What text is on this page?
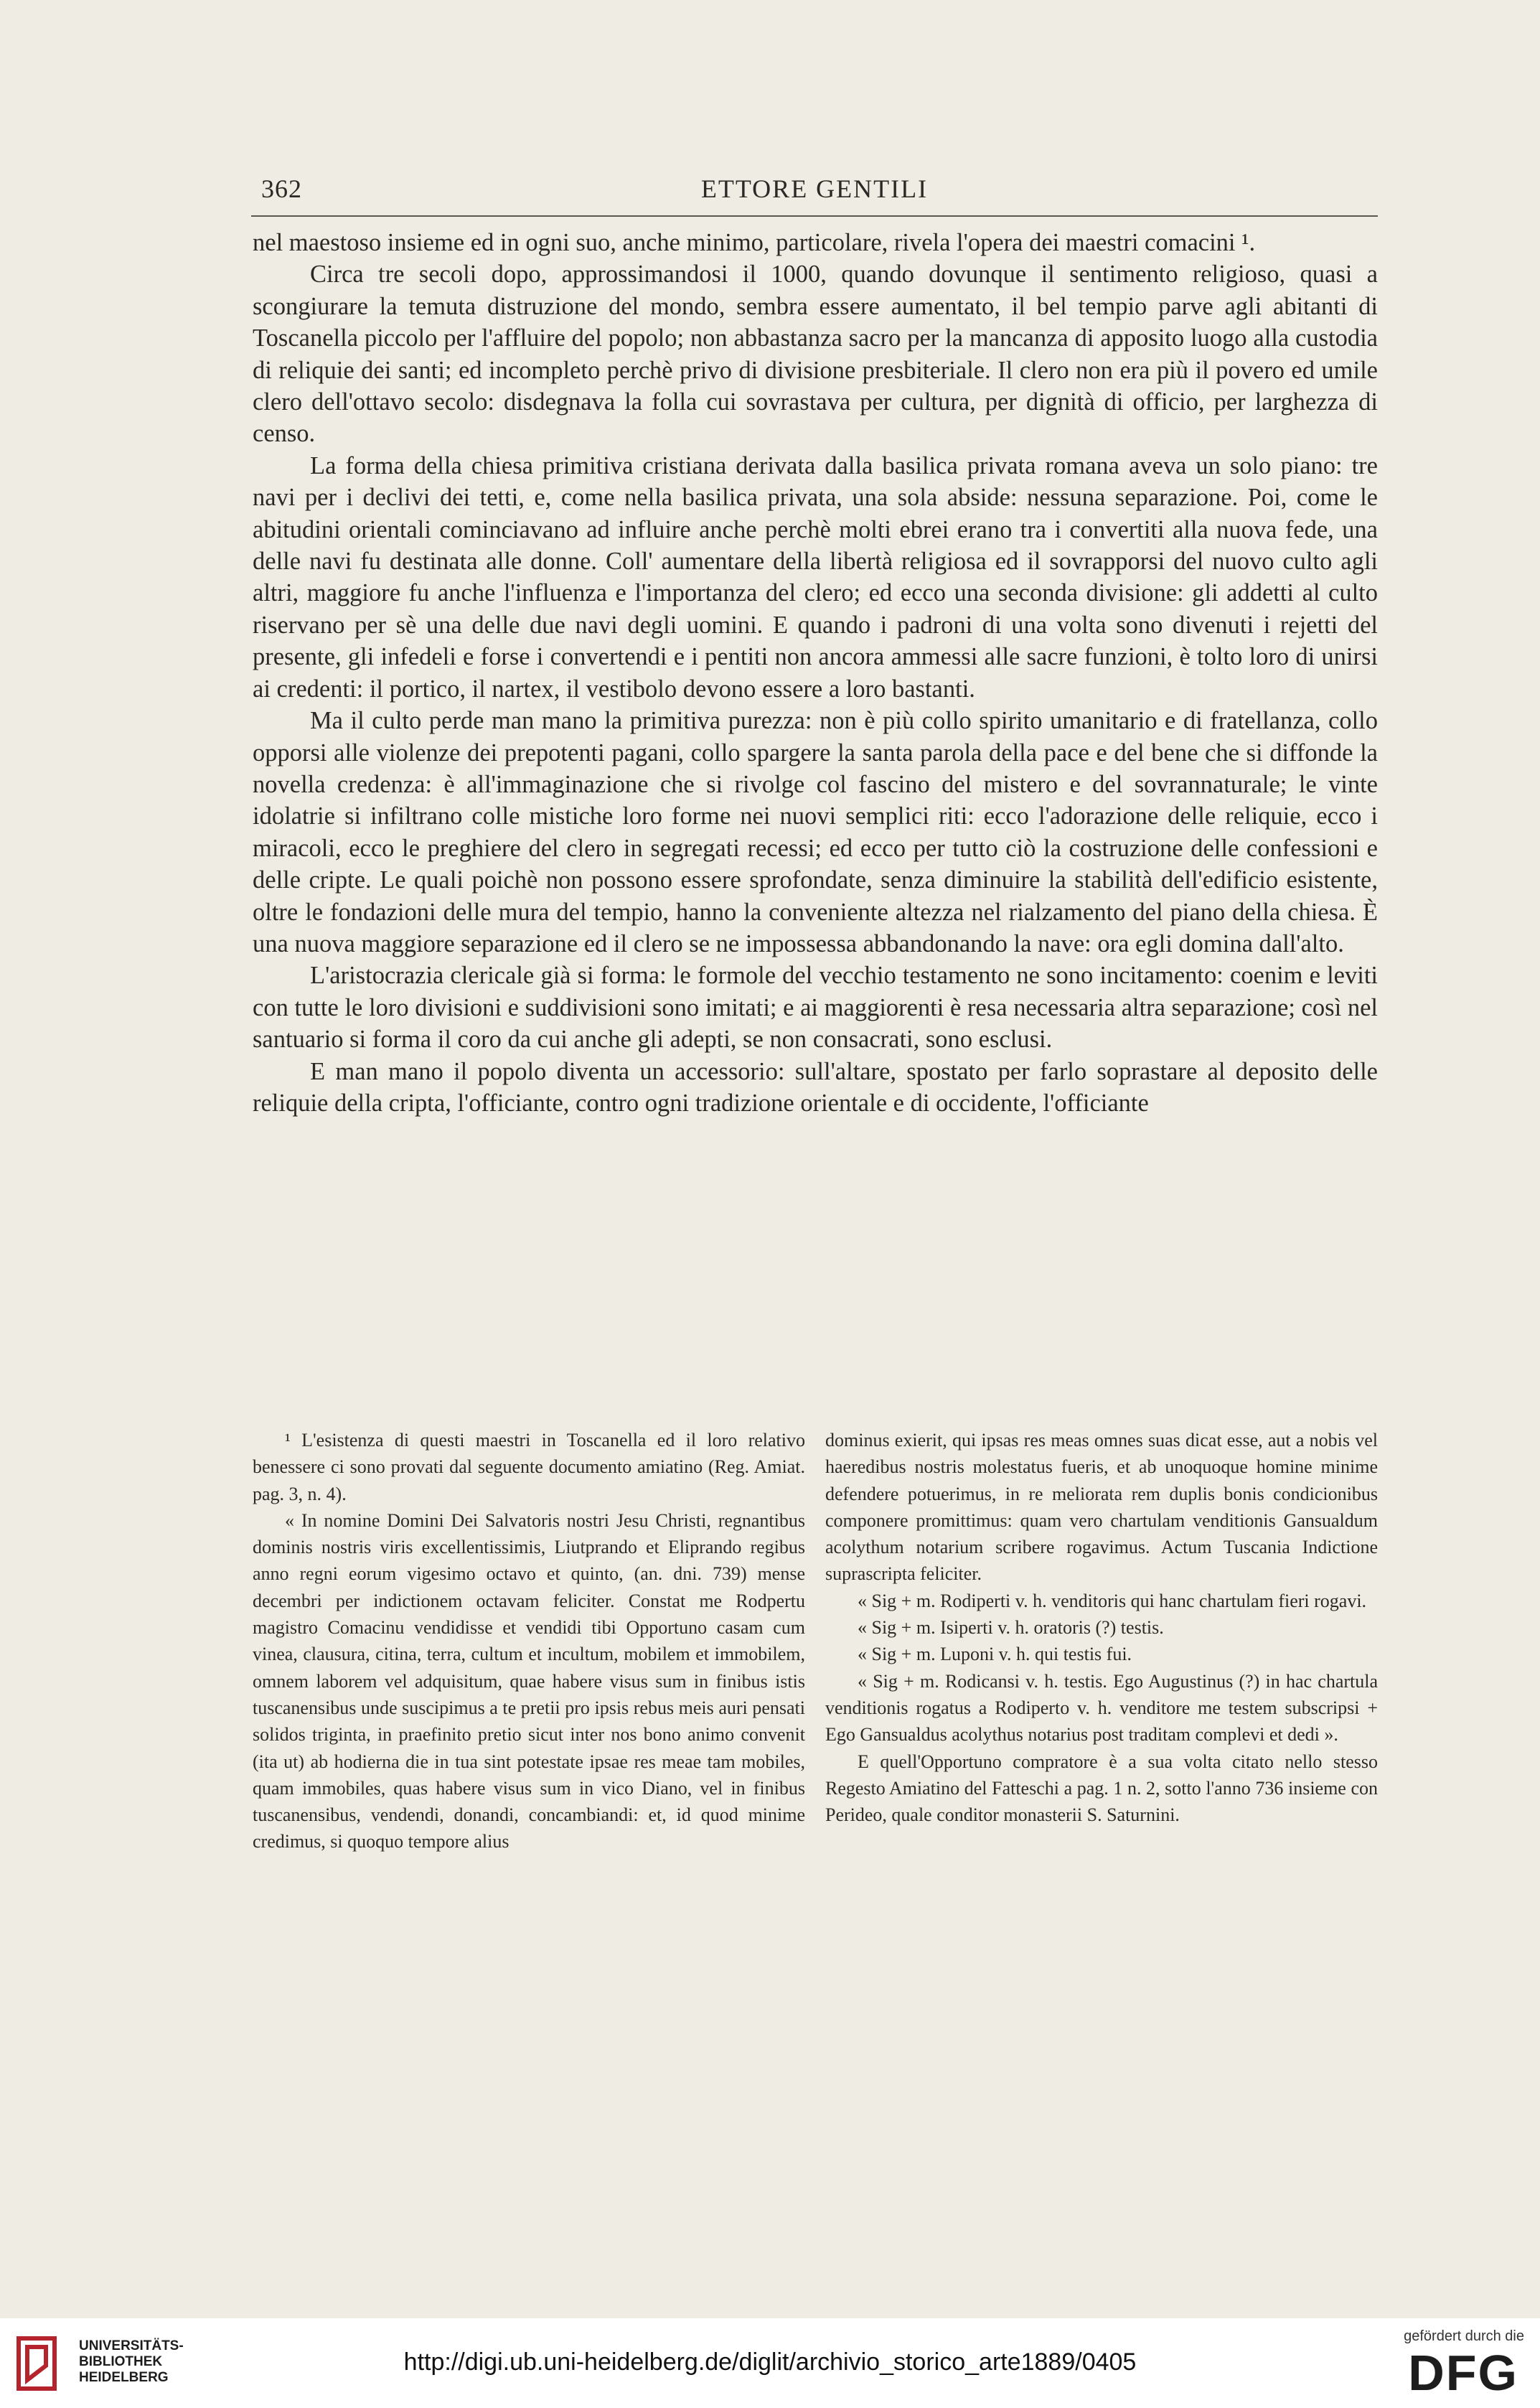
362	ETTORE GENTILI

nel maestoso insieme ed in ogni suo, anche minimo, particolare, rivela l'opera dei maestri comacini ¹.

Circa tre secoli dopo, approssimandosi il 1000, quando dovunque il sentimento religioso, quasi a scongiurare la temuta distruzione del mondo, sembra essere aumentato, il bel tempio parve agli abitanti di Toscanella piccolo per l'affluire del popolo; non abbastanza sacro per la mancanza di apposito luogo alla custodia di reliquie dei santi; ed incompleto perchè privo di divisione presbiteriale. Il clero non era più il povero ed umile clero dell'ottavo secolo: disdegnava la folla cui sovrastava per cultura, per dignità di officio, per larghezza di censo.

La forma della chiesa primitiva cristiana derivata dalla basilica privata romana aveva un solo piano: tre navi per i declivi dei tetti, e, come nella basilica privata, una sola abside: nessuna separazione. Poi, come le abitudini orientali cominciavano ad influire anche perchè molti ebrei erano tra i convertiti alla nuova fede, una delle navi fu destinata alle donne. Coll' aumentare della libertà religiosa ed il sovrapporsi del nuovo culto agli altri, maggiore fu anche l'influenza e l'importanza del clero; ed ecco una seconda divisione: gli addetti al culto riservano per sè una delle due navi degli uomini. E quando i padroni di una volta sono divenuti i rejetti del presente, gli infedeli e forse i convertendi e i pentiti non ancora ammessi alle sacre funzioni, è tolto loro di unirsi ai credenti: il portico, il nartex, il vestibolo devono essere a loro bastanti.

Ma il culto perde man mano la primitiva purezza: non è più collo spirito umanitario e di fratellanza, collo opporsi alle violenze dei prepotenti pagani, collo spargere la santa parola della pace e del bene che si diffonde la novella credenza: è all'immaginazione che si rivolge col fascino del mistero e del sovrannaturale; le vinte idolatrie si infiltrano colle mistiche loro forme nei nuovi semplici riti: ecco l'adorazione delle reliquie, ecco i miracoli, ecco le preghiere del clero in segregati recessi; ed ecco per tutto ciò la costruzione delle confessioni e delle cripte. Le quali poichè non possono essere sprofondate, senza diminuire la stabilità dell'edificio esistente, oltre le fondazioni delle mura del tempio, hanno la conveniente altezza nel rialzamento del piano della chiesa. È una nuova maggiore separazione ed il clero se ne impossessa abbandonando la nave: ora egli domina dall'alto.

L'aristocrazia clericale già si forma: le formole del vecchio testamento ne sono incitamento: coenim e leviti con tutte le loro divisioni e suddivisioni sono imitati; e ai maggiorenti è resa necessaria altra separazione; così nel santuario si forma il coro da cui anche gli adepti, se non consacrati, sono esclusi.

E man mano il popolo diventa un accessorio: sull'altare, spostato per farlo soprastare al deposito delle reliquie della cripta, l'officiante, contro ogni tradizione orientale e di occidente, l'officiante

¹ L'esistenza di questi maestri in Toscanella ed il loro relativo benessere ci sono provati dal seguente documento amiatino (Reg. Amiat. pag. 3, n. 4).

« In nomine Domini Dei Salvatoris nostri Jesu Christi, regnantibus dominis nostris viris excellentissimis, Liutprando et Eliprando regibus anno regni eorum vigesimo octavo et quinto, (an. dni. 739) mense decembri per indictionem octavam feliciter. Constat me Rodpertu magistro Comacinu vendidisse et vendidi tibi Opportuno casam cum vinea, clausura, citina, terra, cultum et incultum, mobilem et immobilem, omnem laborem vel adquisitum, quae habere visus sum in finibus istis tuscanensibus unde suscipimus a te pretii pro ipsis rebus meis auri pensati solidos triginta, in praefinito pretio sicut inter nos bono animo convenit (ita ut) ab hodierna die in tua sint potestate ipsae res meae tam mobiles, quam immobiles, quas habere visus sum in vico Diano, vel in finibus tuscanensibus, vendendi, donandi, concambiandi: et, id quod minime credimus, si quoquo tempore alius

dominus exierit, qui ipsas res meas omnes suas dicat esse, aut a nobis vel haeredibus nostris molestatus fueris, et ab unoquoque homine minime defendere potuerimus, in re meliorata rem duplis bonis condicionibus componere promittimus: quam vero chartulam venditionis Gansualdum acolythum notarium scribere rogavimus. Actum Tuscania Indictione suprascripta feliciter.

« Sig + m. Rodiperti v. h. venditoris qui hanc chartulam fieri rogavi.

« Sig + m. Isiperti v. h. oratoris (?) testis.

« Sig + m. Luponi v. h. qui testis fui.

« Sig + m. Rodicansi v. h. testis. Ego Augustinus (?) in hac chartula venditionis rogatus a Rodiperto v. h. venditore me testem subscripsi + Ego Gansualdus acolythus notarius post traditam complevi et dedi ».

E quell'Opportuno compratore è a sua volta citato nello stesso Regesto Amiatino del Fatteschi a pag. 1 n. 2, sotto l'anno 736 insieme con Perideo, quale conditor monasterii S. Saturnini.

UNIVERSITÄTS-
BIBLIOTHEK
HEIDELBERG
http://digi.ub.uni-heidelberg.de/diglit/archivio_storico_arte1889/0405
gefördert durch die
DFG
